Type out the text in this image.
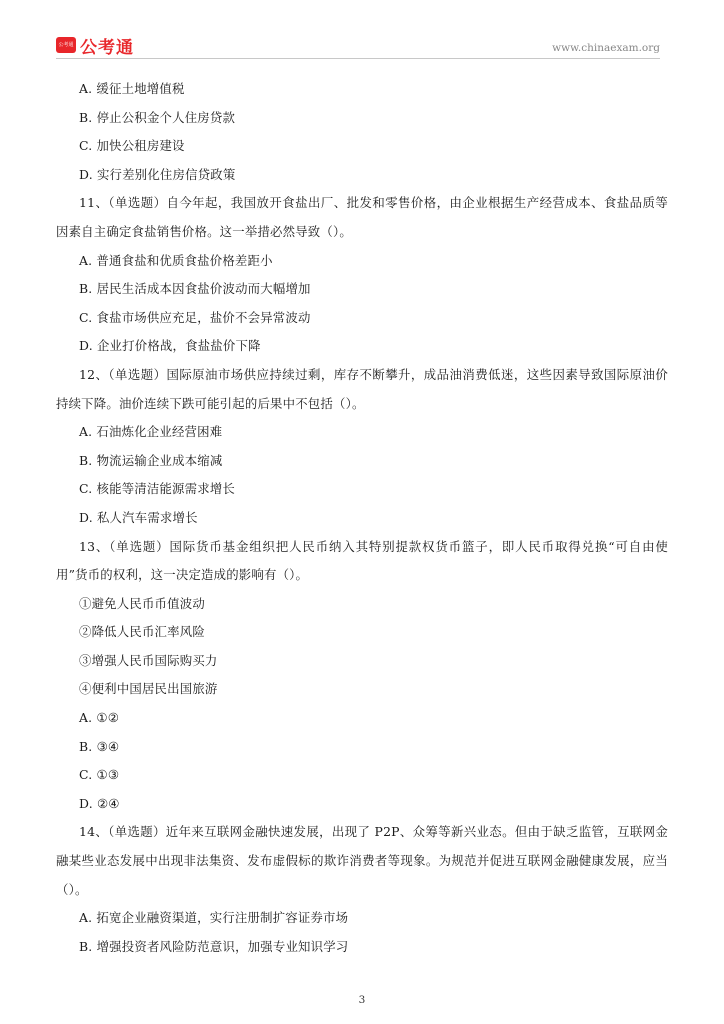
公考通 公考通	www.chinaexam.org

A. 缓征土地增值税

B. 停止公积金个人住房贷款

C. 加快公租房建设

D. 实行差别化住房信贷政策

11、（单选题）自今年起，我国放开食盐出厂、批发和零售价格，由企业根据生产经营成本、食盐品质等因素自主确定食盐销售价格。这一举措必然导致（）。

A. 普通食盐和优质食盐价格差距小

B. 居民生活成本因食盐价波动而大幅增加

C. 食盐市场供应充足，盐价不会异常波动

D. 企业打价格战，食盐盐价下降

12、（单选题）国际原油市场供应持续过剩，库存不断攀升，成品油消费低迷，这些因素导致国际原油价持续下降。油价连续下跌可能引起的后果中不包括（）。

A. 石油炼化企业经营困难

B. 物流运输企业成本缩减

C. 核能等清洁能源需求增长

D. 私人汽车需求增长

13、（单选题）国际货币基金组织把人民币纳入其特别提款权货币篮子，即人民币取得兑换“可自由使用”货币的权利，这一决定造成的影响有（）。

①避免人民币币值波动

②降低人民币汇率风险

③增强人民币国际购买力

④便利中国居民出国旅游

A. ①②

B. ③④

C. ①③

D. ②④

14、（单选题）近年来互联网金融快速发展，出现了 P2P、众筹等新兴业态。但由于缺乏监管，互联网金融某些业态发展中出现非法集资、发布虚假标的欺诈消费者等现象。为规范并促进互联网金融健康发展，应当（）。

A. 拓宽企业融资渠道，实行注册制扩容证券市场

B. 增强投资者风险防范意识，加强专业知识学习

3
